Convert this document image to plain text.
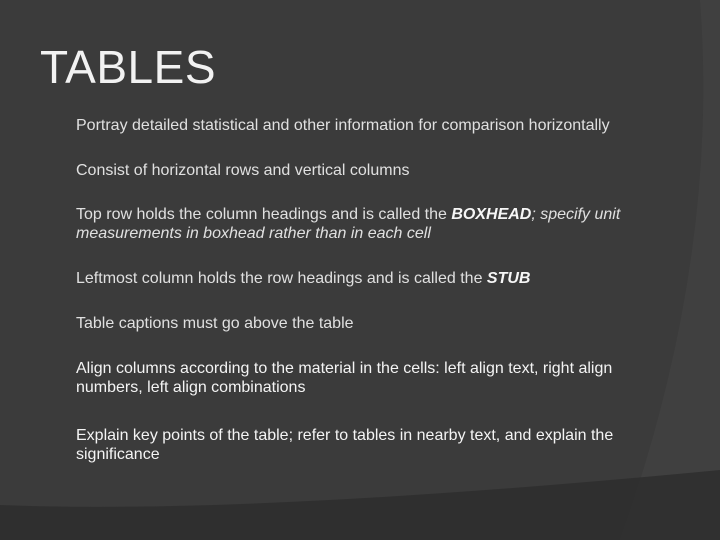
TABLES
Portray detailed statistical and other information for comparison horizontally
Consist of horizontal rows and vertical columns
Top row holds the column headings and is called the BOXHEAD; specify unit measurements in boxhead rather than in each cell
Leftmost column holds the row headings and is called the STUB
Table captions must go above the table
Align columns according to the material in the cells: left align text, right align numbers, left align combinations
Explain key points of the table; refer to tables in nearby text, and explain the significance
